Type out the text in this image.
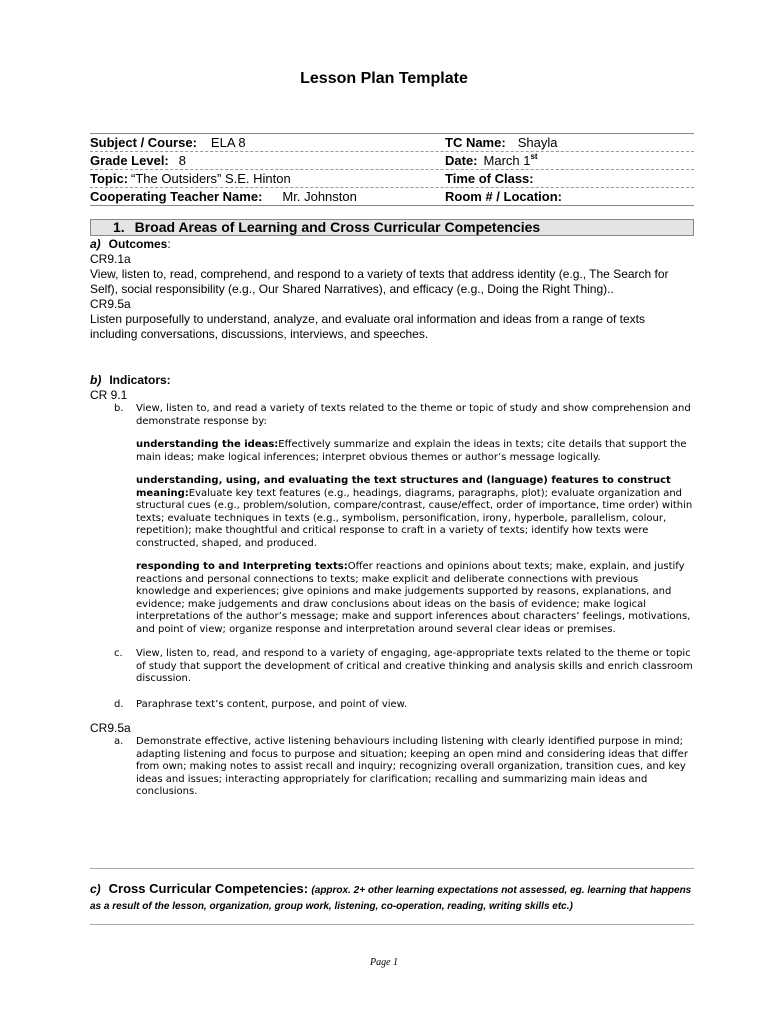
Lesson Plan Template
Subject / Course: ELA 8	TC Name: Shayla
Grade Level: 8	Date: March 1st
Topic: “The Outsiders” S.E. Hinton	Time of Class:
Cooperating Teacher Name: Mr. Johnston	Room # / Location:
1. Broad Areas of Learning and Cross Curricular Competencies
a) Outcomes:

CR9.1a

View, listen to, read, comprehend, and respond to a variety of texts that address identity (e.g., The Search for Self), social responsibility (e.g., Our Shared Narratives), and efficacy (e.g., Doing the Right Thing)..

CR9.5a

Listen purposefully to understand, analyze, and evaluate oral information and ideas from a range of texts including conversations, discussions, interviews, and speeches.

b) Indicators:

CR 9.1

b.	View, listen to, and read a variety of texts related to the theme or topic of study and show comprehension and demonstrate response by:
understanding the ideas:Effectively summarize and explain the ideas in texts; cite details that support the main ideas; make logical inferences; interpret obvious themes or author’s message logically.
understanding, using, and evaluating the text structures and (language) features to construct meaning:Evaluate key text features (e.g., headings, diagrams, paragraphs, plot); evaluate organization and structural cues (e.g., problem/solution, compare/contrast, cause/effect, order of importance, time order) within texts; evaluate techniques in texts (e.g., symbolism, personification, irony, hyperbole, parallelism, colour, repetition); make thoughtful and critical response to craft in a variety of texts; identify how texts were constructed, shaped, and produced.
responding to and Interpreting texts:Offer reactions and opinions about texts; make, explain, and justify reactions and personal connections to texts; make explicit and deliberate connections with previous knowledge and experiences; give opinions and make judgements supported by reasons, explanations, and evidence; make judgements and draw conclusions about ideas on the basis of evidence; make logical interpretations of the author’s message; make and support inferences about characters’ feelings, motivations, and point of view; organize response and interpretation around several clear ideas or premises.
c.	View, listen to, read, and respond to a variety of engaging, age-appropriate texts related to the theme or topic of study that support the development of critical and creative thinking and analysis skills and enrich classroom discussion.
d.	Paraphrase text’s content, purpose, and point of view.

CR9.5a

a.	Demonstrate effective, active listening behaviours including listening with clearly identified purpose in mind; adapting listening and focus to purpose and situation; keeping an open mind and considering ideas that differ from own; making notes to assist recall and inquiry; recognizing overall organization, transition cues, and key ideas and issues; interacting appropriately for clarification; recalling and summarizing main ideas and conclusions.
c) Cross Curricular Competencies: (approx. 2+ other learning expectations not assessed, eg. learning that happens as a result of the lesson, organization, group work, listening, co-operation, reading, writing skills etc.)
Page 1
